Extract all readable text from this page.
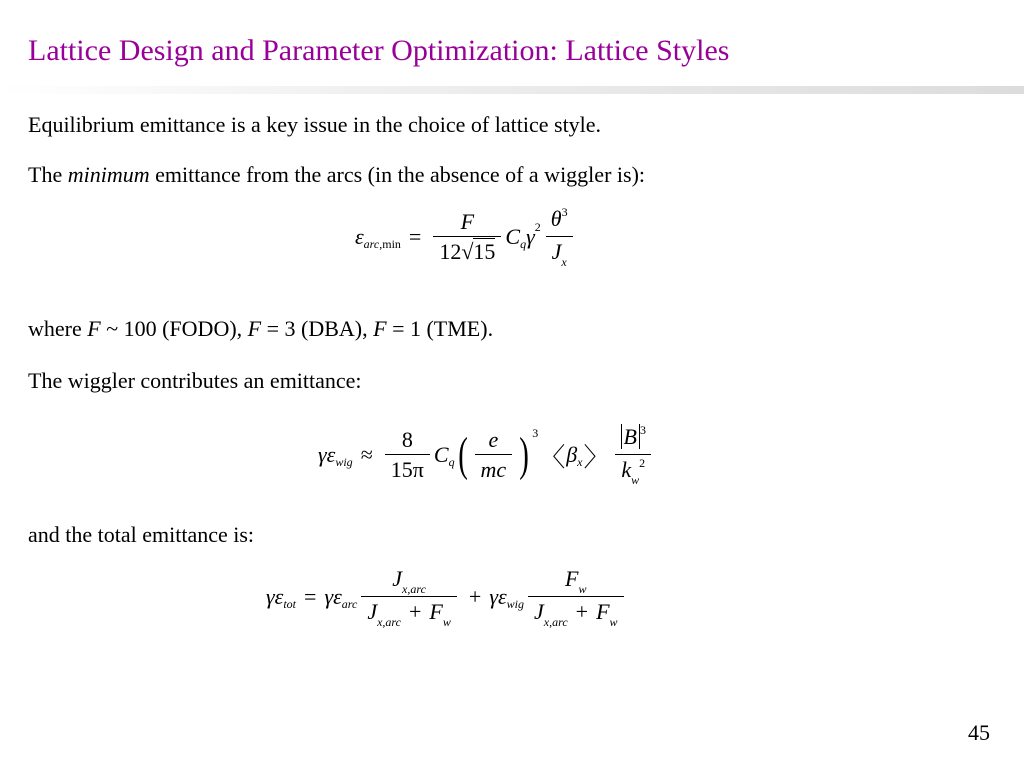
Lattice Design and Parameter Optimization: Lattice Styles

Equilibrium emittance is a key issue in the choice of lattice style.

The minimum emittance from the arcs (in the absence of a wiggler is):

ε arc $,\min = \frac{F}{12√15}$ C q γ $2 \frac{\theta^3}{J_x}$

where F ~ 100 (FODO), F = 3 (DBA), F = 1 (TME).

The wiggler contributes an emittance:

γ ε wig ≈ $\frac{8}{15\pi}$ C q ( $\frac{e}{mc}$ ) 3
〈 β x 〉 $\frac{B ^3}{k_w^2}$

and the total emittance is:

γ ε tot = γ ε arc $\frac{J_{x,arc}}{J_{x,arc} + F_w} + \gamma$ ε wig $\frac{F_w}{J_{x,arc} + F_w}$
45
